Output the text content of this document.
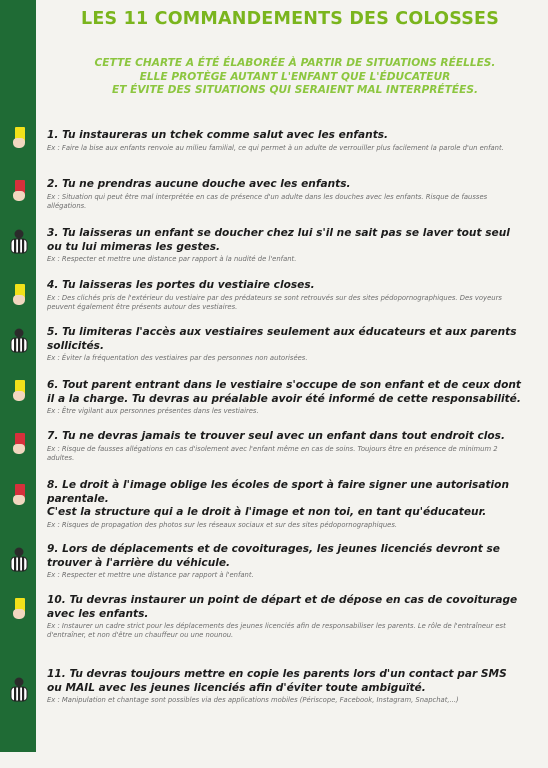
LES 11 COMMANDEMENTS DES COLOSSES
CETTE CHARTE A ÉTÉ ÉLABORÉE À PARTIR DE SITUATIONS RÉELLES.
ELLE PROTÈGE AUTANT L'ENFANT QUE L'ÉDUCATEUR
ET ÉVITE DES SITUATIONS QUI SERAIENT MAL INTERPRÉTÉES.
1. Tu instaureras un tchek comme salut avec les enfants.
Ex : Faire la bise aux enfants renvoie au milieu familial, ce qui permet à un adulte de verrouiller plus facilement la parole d'un enfant.
2. Tu ne prendras aucune douche avec les enfants.
Ex : Situation qui peut être mal interprétée en cas de présence d'un adulte dans les douches avec les enfants. Risque de fausses allégations.
3. Tu laisseras un enfant se doucher chez lui s'il ne sait pas se laver tout seul ou tu lui mimeras les gestes.
Ex : Respecter et mettre une distance par rapport à la nudité de l'enfant.
4. Tu laisseras les portes du vestiaire closes.
Ex : Des clichés pris de l'extérieur du vestiaire par des prédateurs se sont retrouvés sur des sites pédopornographiques. Des voyeurs peuvent également être présents autour des vestiaires.
5. Tu limiteras l'accès aux vestiaires seulement aux éducateurs et aux parents sollicités.
Ex : Éviter la fréquentation des vestiaires par des personnes non autorisées.
6. Tout parent entrant dans le vestiaire s'occupe de son enfant et de ceux dont il a la charge. Tu devras au préalable avoir été informé de cette responsabilité.
Ex : Être vigilant aux personnes présentes dans les vestiaires.
7. Tu ne devras jamais te trouver seul avec un enfant dans tout endroit clos.
Ex : Risque de fausses allégations en cas d'isolement avec l'enfant même en cas de soins. Toujours être en présence de minimum 2 adultes.
8. Le droit à l'image oblige les écoles de sport à faire signer une autorisation parentale.
C'est la structure qui a le droit à l'image et non toi, en tant qu'éducateur.
Ex : Risques de propagation des photos sur les réseaux sociaux et sur des sites pédopornographiques.
9. Lors de déplacements et de covoiturages, les jeunes licenciés devront se trouver à l'arrière du véhicule.
Ex : Respecter et mettre une distance par rapport à l'enfant.
10. Tu devras instaurer un point de départ et de dépose en cas de covoiturage avec les enfants.
Ex : Instaurer un cadre strict pour les déplacements des jeunes licenciés afin de responsabiliser les parents. Le rôle de l'entraîneur est d'entraîner, et non d'être un chauffeur ou une nounou.
11. Tu devras toujours mettre en copie les parents lors d'un contact par SMS ou MAIL avec les jeunes licenciés afin d'éviter toute ambiguïté.
Ex : Manipulation et chantage sont possibles via des applications mobiles (Périscope, Facebook, Instagram, Snapchat,...)
